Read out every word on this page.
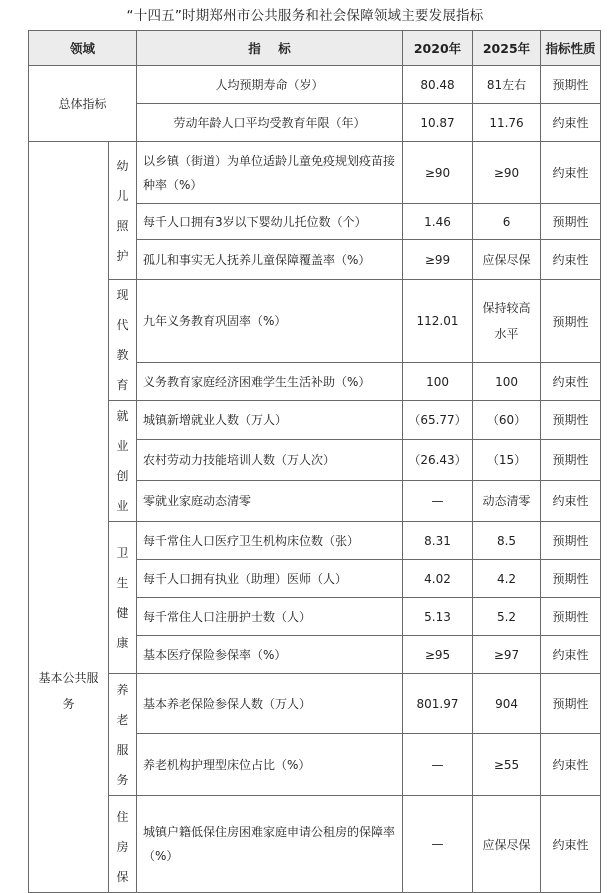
“十四五”时期郑州市公共服务和社会保障领域主要发展指标
领域		指    标	2020年	2025年	指标性质
总体指标		人均预期寿命（岁）	80.48	81左右	预期性
		劳动年龄人口平均受教育年限（年）	10.87	11.76	约束性
基本公共服务	幼儿照护	以乡镇（街道）为单位适龄儿童免疫规划疫苗接种率（%）	≥90	≥90	约束性
		每千人口拥有3岁以下婴幼儿托位数（个）	1.46	6	预期性
		孤儿和事实无人抚养儿童保障覆盖率（%）	≥99	应保尽保	约束性
	现代教育	九年义务教育巩固率（%）	112.01	保持较高水平	预期性
		义务教育家庭经济困难学生生活补助（%）	100	100	约束性
	就业创业	城镇新增就业人数（万人）	（65.77）	（60）	预期性
		农村劳动力技能培训人数（万人次）	（26.43）	（15）	预期性
		零就业家庭动态清零	—	动态清零	约束性
	卫生健康	每千常住人口医疗卫生机构床位数（张）	8.31	8.5	预期性
		每千人口拥有执业（助理）医师（人）	4.02	4.2	预期性
		每千常住人口注册护士数（人）	5.13	5.2	预期性
		基本医疗保险参保率（%）	≥95	≥97	约束性
	养老服务	基本养老保险参保人数（万人）	801.97	904	预期性
		养老机构护理型床位占比（%）	—	≥55	约束性
	住房保	城镇户籍低保住房困难家庭申请公租房的保障率（%）	—	应保尽保	约束性
